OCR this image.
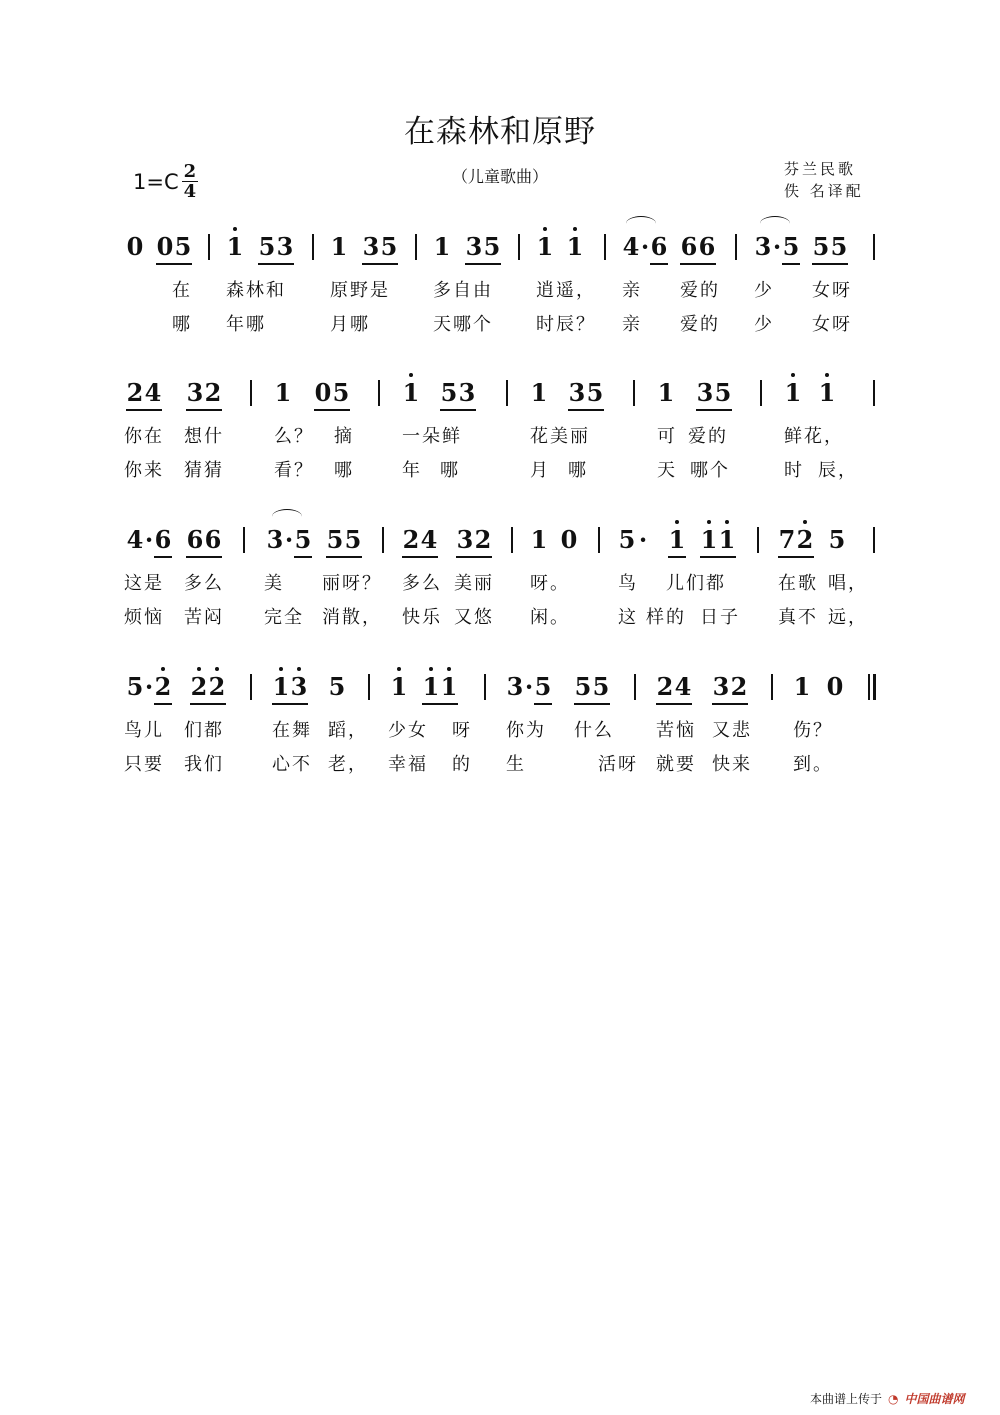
在森林和原野
$1=C \frac{2}{4}$	（儿童歌曲）	芬兰民歌
佚 名译配
0 0 5 1 5 3 1 3 5 1 3 5 1 1 4 · 6 6 6 3 · 5 5 5
在 森林和 原野是 多自由 逍遥， 亲 爱的 少 女呀
哪 年哪	月哪	天哪个 时辰？ 亲 爱的 少 女呀
2 4 3 2 1 0 5 1 5 3 1 3 5 1 3 5 1 1
你在 想什	么？ 摘	一朵鲜	花美丽	可 爱的	鲜花，
你来 猜猜	看？ 哪	年 哪	月 哪	天 哪个	时 辰，
4 · 6 6 6 3 · 5 5 5 2 4 3 2 1 0 5 · 1 1 1 7 2 5
这是 多么 美 丽呀？ 多么 美丽 呀。	鸟 儿们都	在歌 唱，
烦恼 苦闷 完全 消散， 快乐 又悠 闲。	这 样的 日子 真不 远，
5 · 2 2 2 1 3 5 1 1 1 3 · 5 5 5 2 4 3 2 1 0
鸟儿 们都	在舞 蹈， 少女 呀 你为 什么 苦恼 又悲 伤？
只要 我们	心不 老， 幸福 的 生	活呀 就要 快来 到。
本曲谱上传于 ◔ 中国曲谱网
